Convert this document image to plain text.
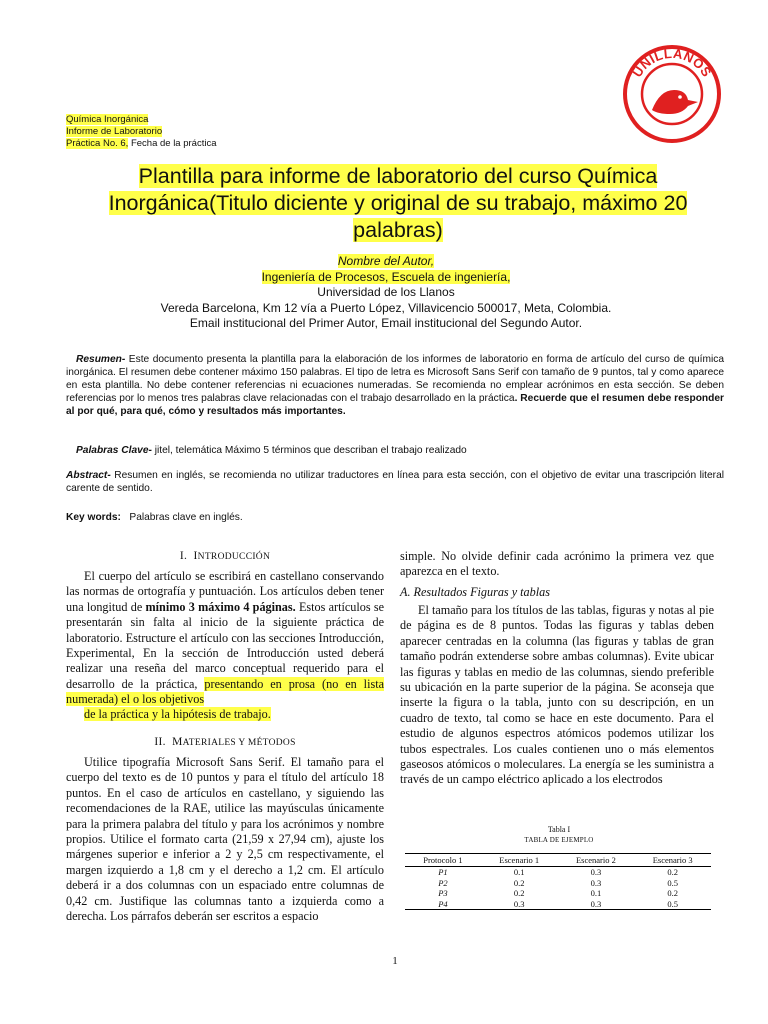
Química Inorgánica
Informe de Laboratorio
Práctica No. 6, Fecha de la práctica
UNILLANOS
Plantilla para informe de laboratorio del curso Química Inorgánica(Titulo diciente y original de su trabajo, máximo 20 palabras)
Nombre del Autor,
Ingeniería de Procesos, Escuela de ingeniería,
Universidad de los Llanos
Vereda Barcelona, Km 12 vía a Puerto López, Villavicencio 500017, Meta, Colombia.
Email institucional del Primer Autor, Email institucional del Segundo Autor.
Resumen- Este documento presenta la plantilla para la elaboración de los informes de laboratorio en forma de artículo del curso de química inorgánica. El resumen debe contener máximo 150 palabras. El tipo de letra es Microsoft Sans Serif con tamaño de 9 puntos, tal y como aparece en esta plantilla. No debe contener referencias ni ecuaciones numeradas. Se recomienda no emplear acrónimos en esta sección. Se deben referencias por lo menos tres palabras clave relacionadas con el trabajo desarrollado en la práctica. Recuerde que el resumen debe responder al por qué, para qué, cómo y resultados más importantes.
Palabras Clave- jitel, telemática Máximo 5 términos que describan el trabajo realizado
Abstract- Resumen en inglés, se recomienda no utilizar traductores en línea para esta sección, con el objetivo de evitar una trascripción literal carente de sentido.
Key words:   Palabras clave en inglés.
I. INTRODUCCIÓN
El cuerpo del artículo se escribirá en castellano conservando las normas de ortografía y puntuación. Los artículos deben tener una longitud de mínimo 3 máximo 4 páginas. Estos artículos se presentarán sin falta al inicio de la siguiente práctica de laboratorio. Estructure el artículo con las secciones Introducción, Experimental, En la sección de Introducción usted deberá realizar una reseña del marco conceptual requerido para el desarrollo de la práctica, presentando en prosa (no en lista numerada) el o los objetivos
de la práctica y la hipótesis de trabajo.
II. MATERIALES Y MÉTODOS
Utilice tipografía Microsoft Sans Serif. El tamaño para el cuerpo del texto es de 10 puntos y para el título del artículo 18 puntos. En el caso de artículos en castellano, y siguiendo las recomendaciones de la RAE, utilice las mayúsculas únicamente para la primera palabra del título y para los acrónimos y nombre propios. Utilice el formato carta (21,59 x 27,94 cm), ajuste los márgenes superior e inferior a 2 y 2,5 cm respectivamente, el margen izquierdo a 1,8 cm y el derecho a 1,2 cm. El artículo deberá ir a dos columnas con un espaciado entre columnas de 0,42 cm. Justifique las columnas tanto a izquierda como a derecha. Los párrafos deberán ser escritos a espacio
simple. No olvide definir cada acrónimo la primera vez que aparezca en el texto.
A. Resultados Figuras y tablas
El tamaño para los títulos de las tablas, figuras y notas al pie de página es de 8 puntos. Todas las figuras y tablas deben aparecer centradas en la columna (las figuras y tablas de gran tamaño podrán extenderse sobre ambas columnas). Evite ubicar las figuras y tablas en medio de las columnas, siendo preferible su ubicación en la parte superior de la página. Se aconseja que inserte la figura o la tabla, junto con su descripción, en un cuadro de texto, tal como se hace en este documento. Para el estudio de algunos espectros atómicos podemos utilizar los tubos espectrales. Los cuales contienen uno o más elementos gaseosos atómicos o moleculares. La energía se les suministra a través de un campo eléctrico aplicado a los electrodos
Tabla I
TABLA DE EJEMPLO
Protocolo 1	Escenario 1	Escenario 2	Escenario 3
P1	0.1	0.3	0.2
P2	0.2	0.3	0.5
P3	0.2	0.1	0.2
P4	0.3	0.3	0.5
1
